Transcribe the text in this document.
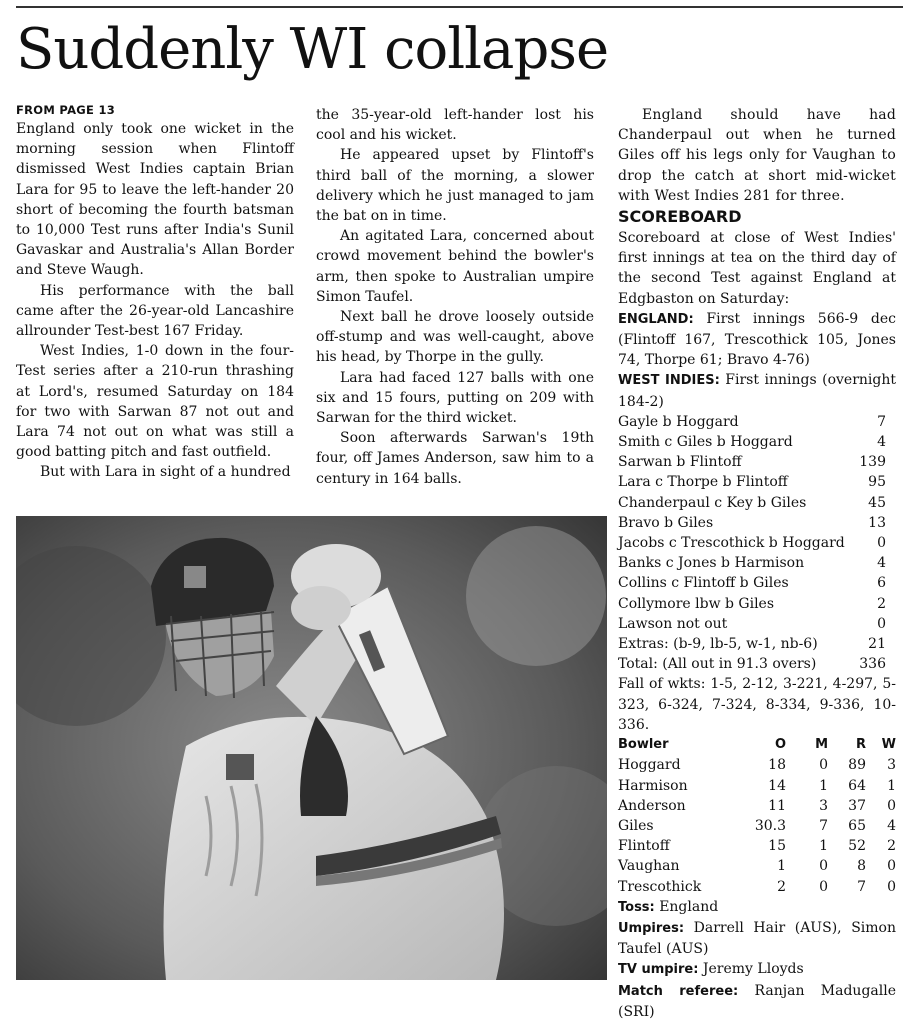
Suddenly WI collapse

FROM PAGE 13

England only took one wicket in the morning session when Flintoff dismissed West Indies captain Brian Lara for 95 to leave the left-hander 20 short of becoming the fourth batsman to 10,000 Test runs after India's Sunil Gavaskar and Australia's Allan Border and Steve Waugh.

His performance with the ball came after the 26-year-old Lancashire allrounder Test-best 167 Friday.

West Indies, 1-0 down in the four-Test series after a 210-run thrashing at Lord's, resumed Saturday on 184 for two with Sarwan 87 not out and Lara 74 not out on what was still a good batting pitch and fast outfield.

But with Lara in sight of a hundred

the 35-year-old left-hander lost his cool and his wicket.

He appeared upset by Flintoff's third ball of the morning, a slower delivery which he just managed to jam the bat on in time.

An agitated Lara, concerned about crowd movement behind the bowler's arm, then spoke to Australian umpire Simon Taufel.

Next ball he drove loosely outside off-stump and was well-caught, above his head, by Thorpe in the gully.

Lara had faced 127 balls with one six and 15 fours, putting on 209 with Sarwan for the third wicket.

Soon afterwards Sarwan's 19th four, off James Anderson, saw him to a century in 164 balls.

England should have had Chanderpaul out when he turned Giles off his legs only for Vaughan to drop the catch at short mid-wicket with West Indies 281 for three.

SCOREBOARD

Scoreboard at close of West Indies' first innings at tea on the third day of the second Test against England at Edgbaston on Saturday:

ENGLAND: First innings 566-9 dec (Flintoff 167, Trescothick 105, Jones 74, Thorpe 61; Bravo 4-76)

WEST INDIES: First innings (overnight 184-2)

Gayle b Hoggard	7
Smith c Giles b Hoggard	4
Sarwan b Flintoff	139
Lara c Thorpe b Flintoff	95
Chanderpaul c Key b Giles	45
Bravo b Giles	13
Jacobs c Trescothick b Hoggard	0
Banks c Jones b Harmison	4
Collins c Flintoff b Giles	6
Collymore lbw b Giles	2
Lawson not out	0
Extras: (b-9, lb-5, w-1, nb-6)	21
Total: (All out in 91.3 overs)	336

Fall of wkts: 1-5, 2-12, 3-221, 4-297, 5-323, 6-324, 7-324, 8-334, 9-336, 10-336.

Bowler	O	M	R	W
Hoggard	18	0	89	3
Harmison	14	1	64	1
Anderson	11	3	37	0
Giles	30.3	7	65	4
Flintoff	15	1	52	2
Vaughan	1	0	8	0
Trescothick	2	0	7	0

Toss: England

Umpires: Darrell Hair (AUS), Simon Taufel (AUS)

TV umpire: Jeremy Lloyds

Match referee: Ranjan Madugalle (SRI)
